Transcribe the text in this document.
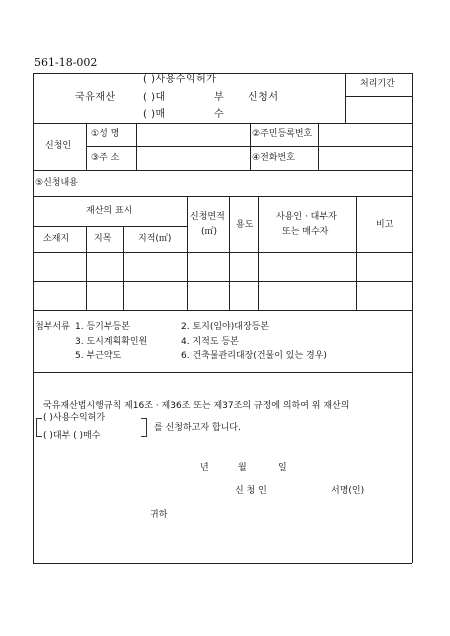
561-18-002
국유재산
( )사용수익허가
( )대	부
( )매	수
신청서
처리기간
신청인
①성 명	②주민등록번호
③주 소	④전화번호
⑤신청내용
재산의 표시
소재지	지목	지적(㎡)
신청면적
(㎡)
용도
사용인 · 대부자
또는 매수자
비고
첨부서류 1. 등기부등본	2. 토지(임야)대장등본
3. 도시계획확인원	4. 지적도 등본
5. 부근약도	6. 건축물관리대장(건물이 있는 경우)
국유재산법시행규칙 제16조 · 제36조 또는 제37조의 규정에 의하여 위 재산의
( )사용수익허가
( )대부 ( )매수
를 신청하고자 합니다.
년	월	일
신 청 인	서명(인)
귀하
